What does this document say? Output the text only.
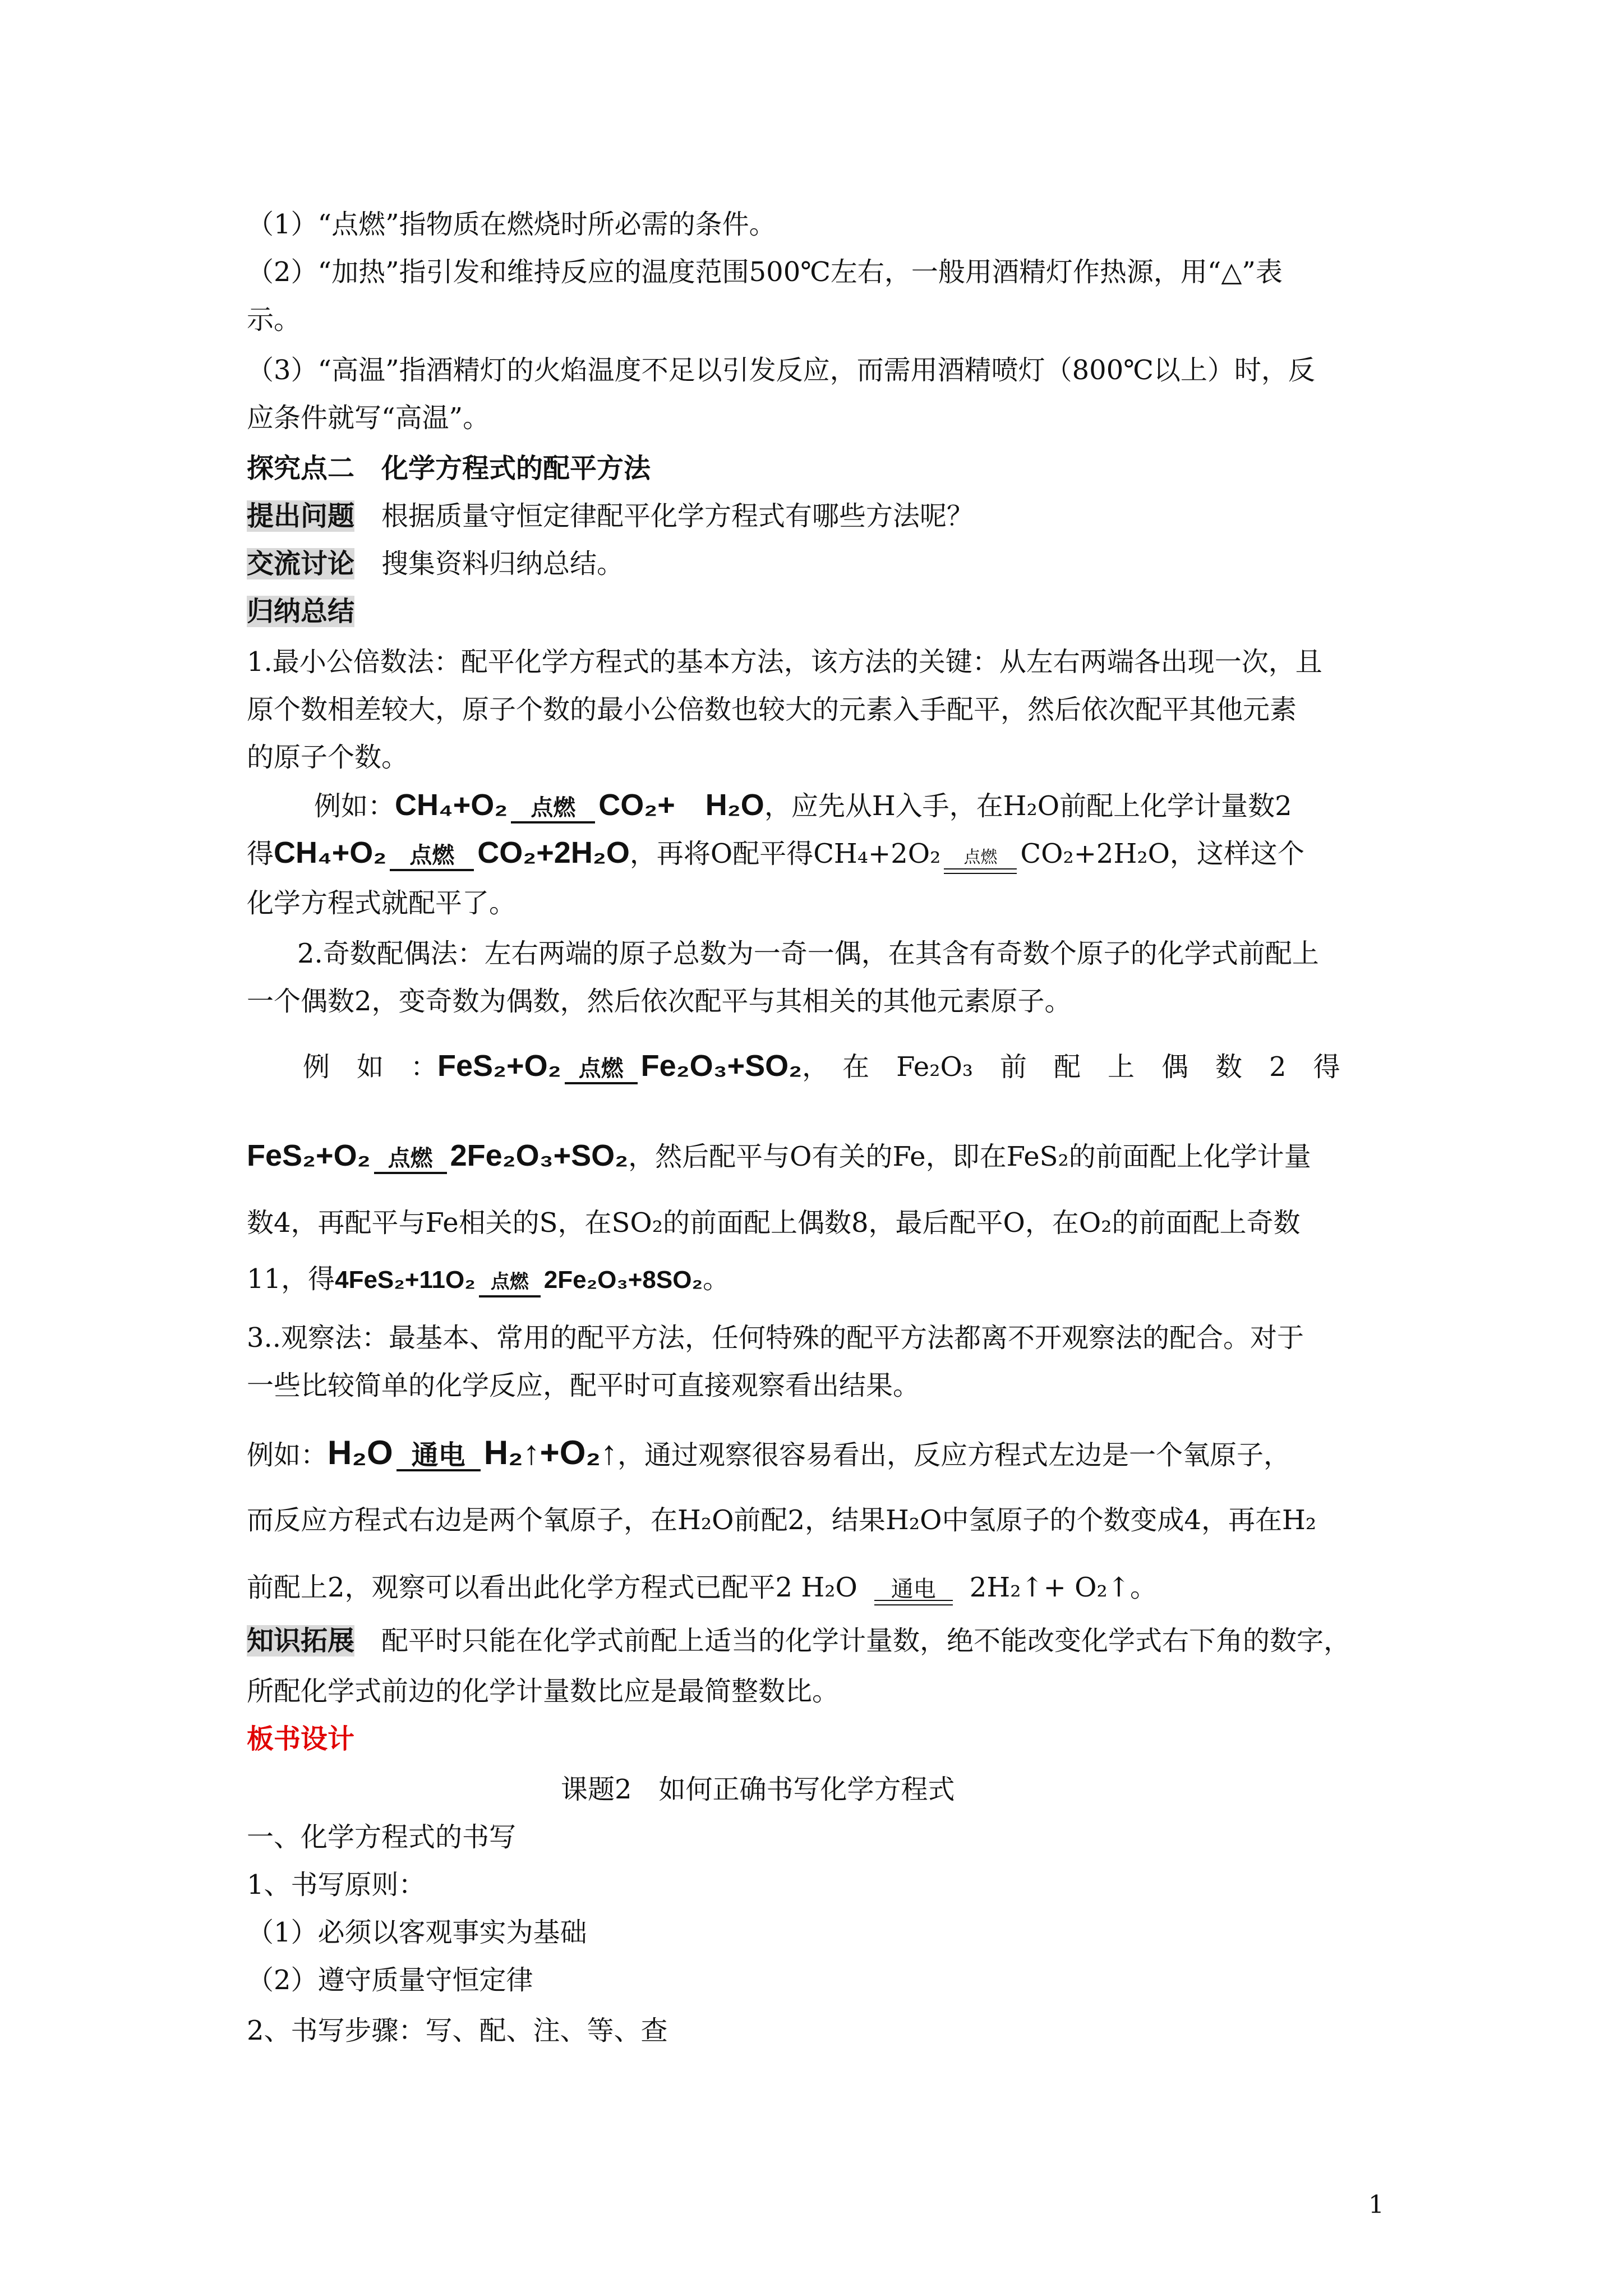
（1）“点燃”指物质在燃烧时所必需的条件。
（2）“加热”指引发和维持反应的温度范围500℃左右，一般用酒精灯作热源，用“△”表
示。
（3）“高温”指酒精灯的火焰温度不足以引发反应，而需用酒精喷灯（800℃以上）时，反
应条件就写“高温”。
探究点二　化学方程式的配平方法
提出问题　根据质量守恒定律配平化学方程式有哪些方法呢？
交流讨论　搜集资料归纳总结。
归纳总结
1.最小公倍数法：配平化学方程式的基本方法，该方法的关键：从左右两端各出现一次，且
原个数相差较大，原子个数的最小公倍数也较大的元素入手配平，然后依次配平其他元素
的原子个数。
例如：CH₄+O₂	点燃 CO₂+　H₂O，应先从H入手，在H₂O前配上化学计量数2
得CH₄+O₂	点燃 CO₂+2H₂O，再将O配平得CH₄+2O₂	点燃 CO₂+2H₂O，这样这个
化学方程式就配平了。
2.奇数配偶法：左右两端的原子总数为一奇一偶，在其含有奇数个原子的化学式前配上
一个偶数2，变奇数为偶数，然后依次配平与其相关的其他元素原子。
例　如　：FeS₂+O₂ 点燃 Fe₂O₃+SO₂，　在　Fe₂O₃　前　配　上　偶　数　2　得
FeS₂+O₂ 点燃 2Fe₂O₃+SO₂，然后配平与O有关的Fe，即在FeS₂的前面配上化学计量
数4，再配平与Fe相关的S，在SO₂的前面配上偶数8，最后配平O，在O₂的前面配上奇数
11，得4FeS₂+11O₂ 点燃 2Fe₂O₃+8SO₂。
3..观察法：最基本、常用的配平方法，任何特殊的配平方法都离不开观察法的配合。对于
一些比较简单的化学反应，配平时可直接观察看出结果。
例如：H₂O 通电 H₂↑+O₂↑，通过观察很容易看出，反应方程式左边是一个氧原子，
而反应方程式右边是两个氧原子，在H₂O前配2，结果H₂O中氢原子的个数变成4，再在H₂
前配上2，观察可以看出此化学方程式已配平2 H₂O	通电	2H₂↑+ O₂↑。
知识拓展　配平时只能在化学式前配上适当的化学计量数，绝不能改变化学式右下角的数字，
所配化学式前边的化学计量数比应是最简整数比。
板书设计
课题2　如何正确书写化学方程式
一、化学方程式的书写
1、书写原则：
（1）必须以客观事实为基础
（2）遵守质量守恒定律
2、书写步骤：写、配、注、等、查
1
